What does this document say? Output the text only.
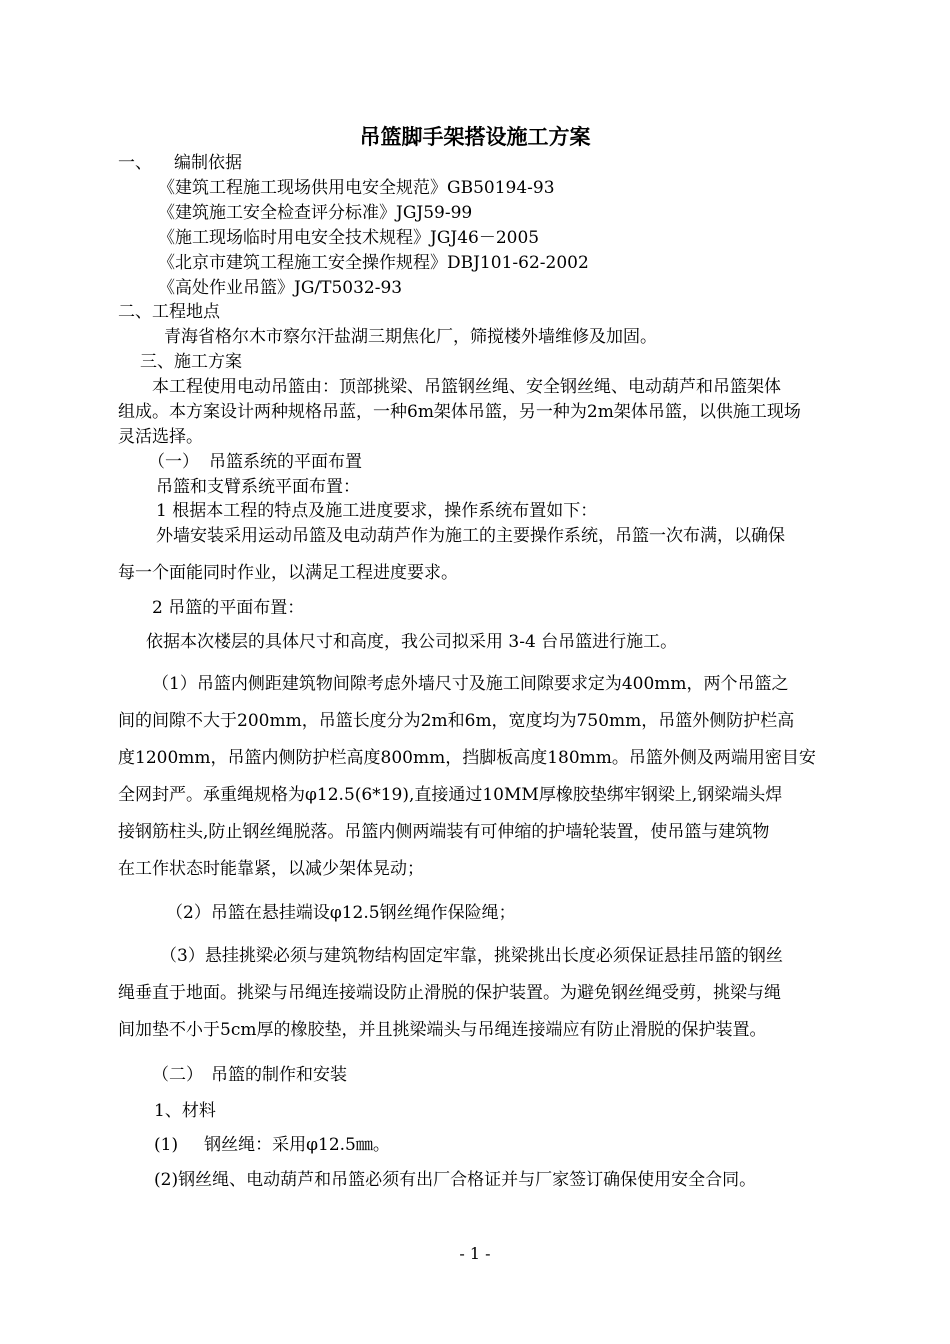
吊篮脚手架搭设施工方案

一、 编制依据

《建筑工程施工现场供用电安全规范》GB50194-93

《建筑施工安全检查评分标准》JGJ59-99

《施工现场临时用电安全技术规程》JGJ46－2005

《北京市建筑工程施工安全操作规程》DBJ101-62-2002

《高处作业吊篮》JG/T5032-93

二、工程地点

青海省格尔木市察尔汗盐湖三期焦化厂，筛搅楼外墙维修及加固。

三、施工方案

本工程使用电动吊篮由：顶部挑梁、吊篮钢丝绳、安全钢丝绳、电动葫芦和吊篮架体

组成。本方案设计两种规格吊蓝，一种6m架体吊篮，另一种为2m架体吊篮，以供施工现场

灵活选择。

（一） 吊篮系统的平面布置

吊篮和支臂系统平面布置：

1 根据本工程的特点及施工进度要求，操作系统布置如下：

外墙安装采用运动吊篮及电动葫芦作为施工的主要操作系统，吊篮一次布满，以确保

每一个面能同时作业，以满足工程进度要求。

2 吊篮的平面布置：

依据本次楼层的具体尺寸和高度，我公司拟采用 3-4 台吊篮进行施工。

（1）吊篮内侧距建筑物间隙考虑外墙尺寸及施工间隙要求定为400mm，两个吊篮之

间的间隙不大于200mm，吊篮长度分为2m和6m，宽度均为750mm，吊篮外侧防护栏高

度1200mm，吊篮内侧防护栏高度800mm，挡脚板高度180mm。吊篮外侧及两端用密目安

全网封严。承重绳规格为φ12.5(6*19),直接通过10MM厚橡胶垫绑牢钢梁上,钢梁端头焊

接钢筋柱头,防止钢丝绳脱落。吊篮内侧两端装有可伸缩的护墙轮装置，使吊篮与建筑物

在工作状态时能靠紧，以减少架体晃动；

（2）吊篮在悬挂端设φ12.5钢丝绳作保险绳；

（3）悬挂挑梁必须与建筑物结构固定牢靠，挑梁挑出长度必须保证悬挂吊篮的钢丝

绳垂直于地面。挑梁与吊绳连接端设防止滑脱的保护装置。为避免钢丝绳受剪，挑梁与绳

间加垫不小于5cm厚的橡胶垫，并且挑梁端头与吊绳连接端应有防止滑脱的保护装置。

（二） 吊篮的制作和安装

1、材料

(1) 钢丝绳：采用φ12.5㎜。

(2)钢丝绳、电动葫芦和吊篮必须有出厂合格证并与厂家签订确保使用安全合同。

- 1 -
